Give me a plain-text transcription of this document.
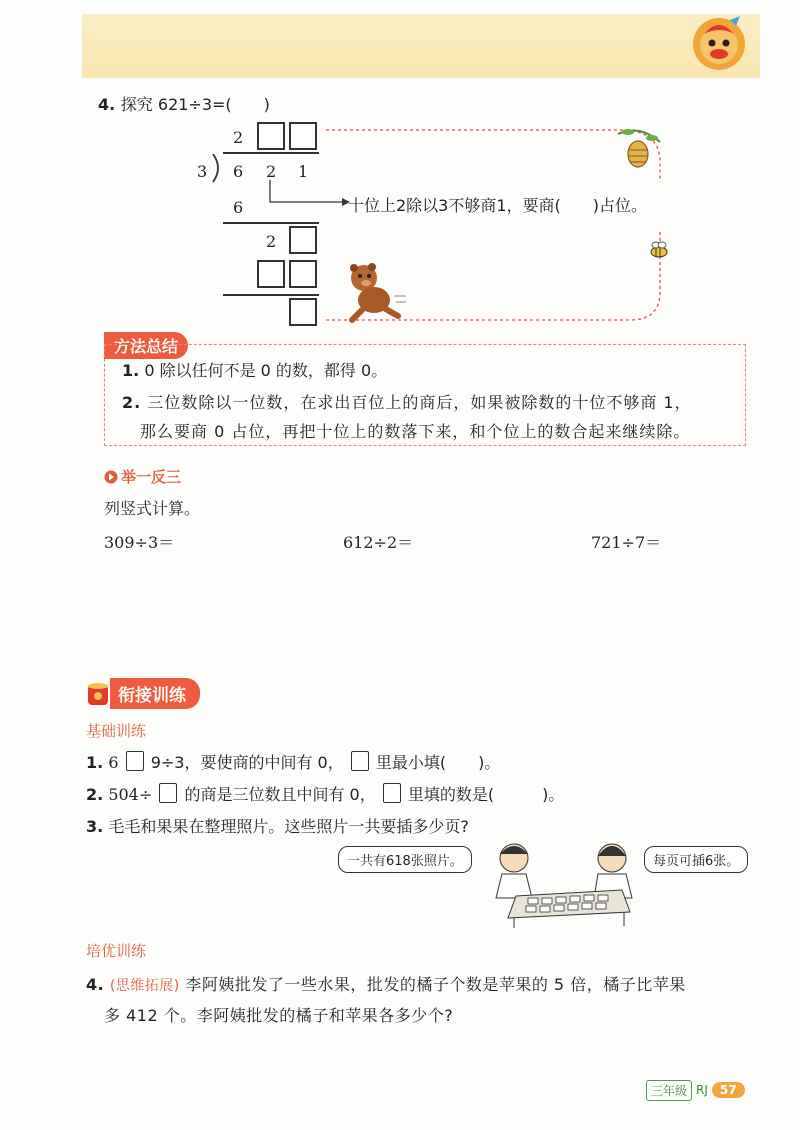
4. 探究 621÷3=(　　)
2
3 6 2 1
6
2
十位上2除以3不够商1，要商(　　)占位。
方法总结
1. 0 除以任何不是 0 的数，都得 0。
2. 三位数除以一位数，在求出百位上的商后，如果被除数的十位不够商 1，
那么要商 0 占位，再把十位上的数落下来，和个位上的数合起来继续除。
举一反三
列竖式计算。
309÷3＝	612÷2＝	721÷7＝
衔接训练
基础训练
1. 6 9÷3，要使商的中间有 0， 里最小填(　　)。
2. 504÷ 的商是三位数且中间有 0， 里填的数是(　　　)。
3. 毛毛和果果在整理照片。这些照片一共要插多少页?
一共有618张照片。	每页可插6张。
培优训练
4. (思维拓展) 李阿姨批发了一些水果，批发的橘子个数是苹果的 5 倍，橘子比苹果
多 412 个。李阿姨批发的橘子和苹果各多少个?
三年级 RJ	57
